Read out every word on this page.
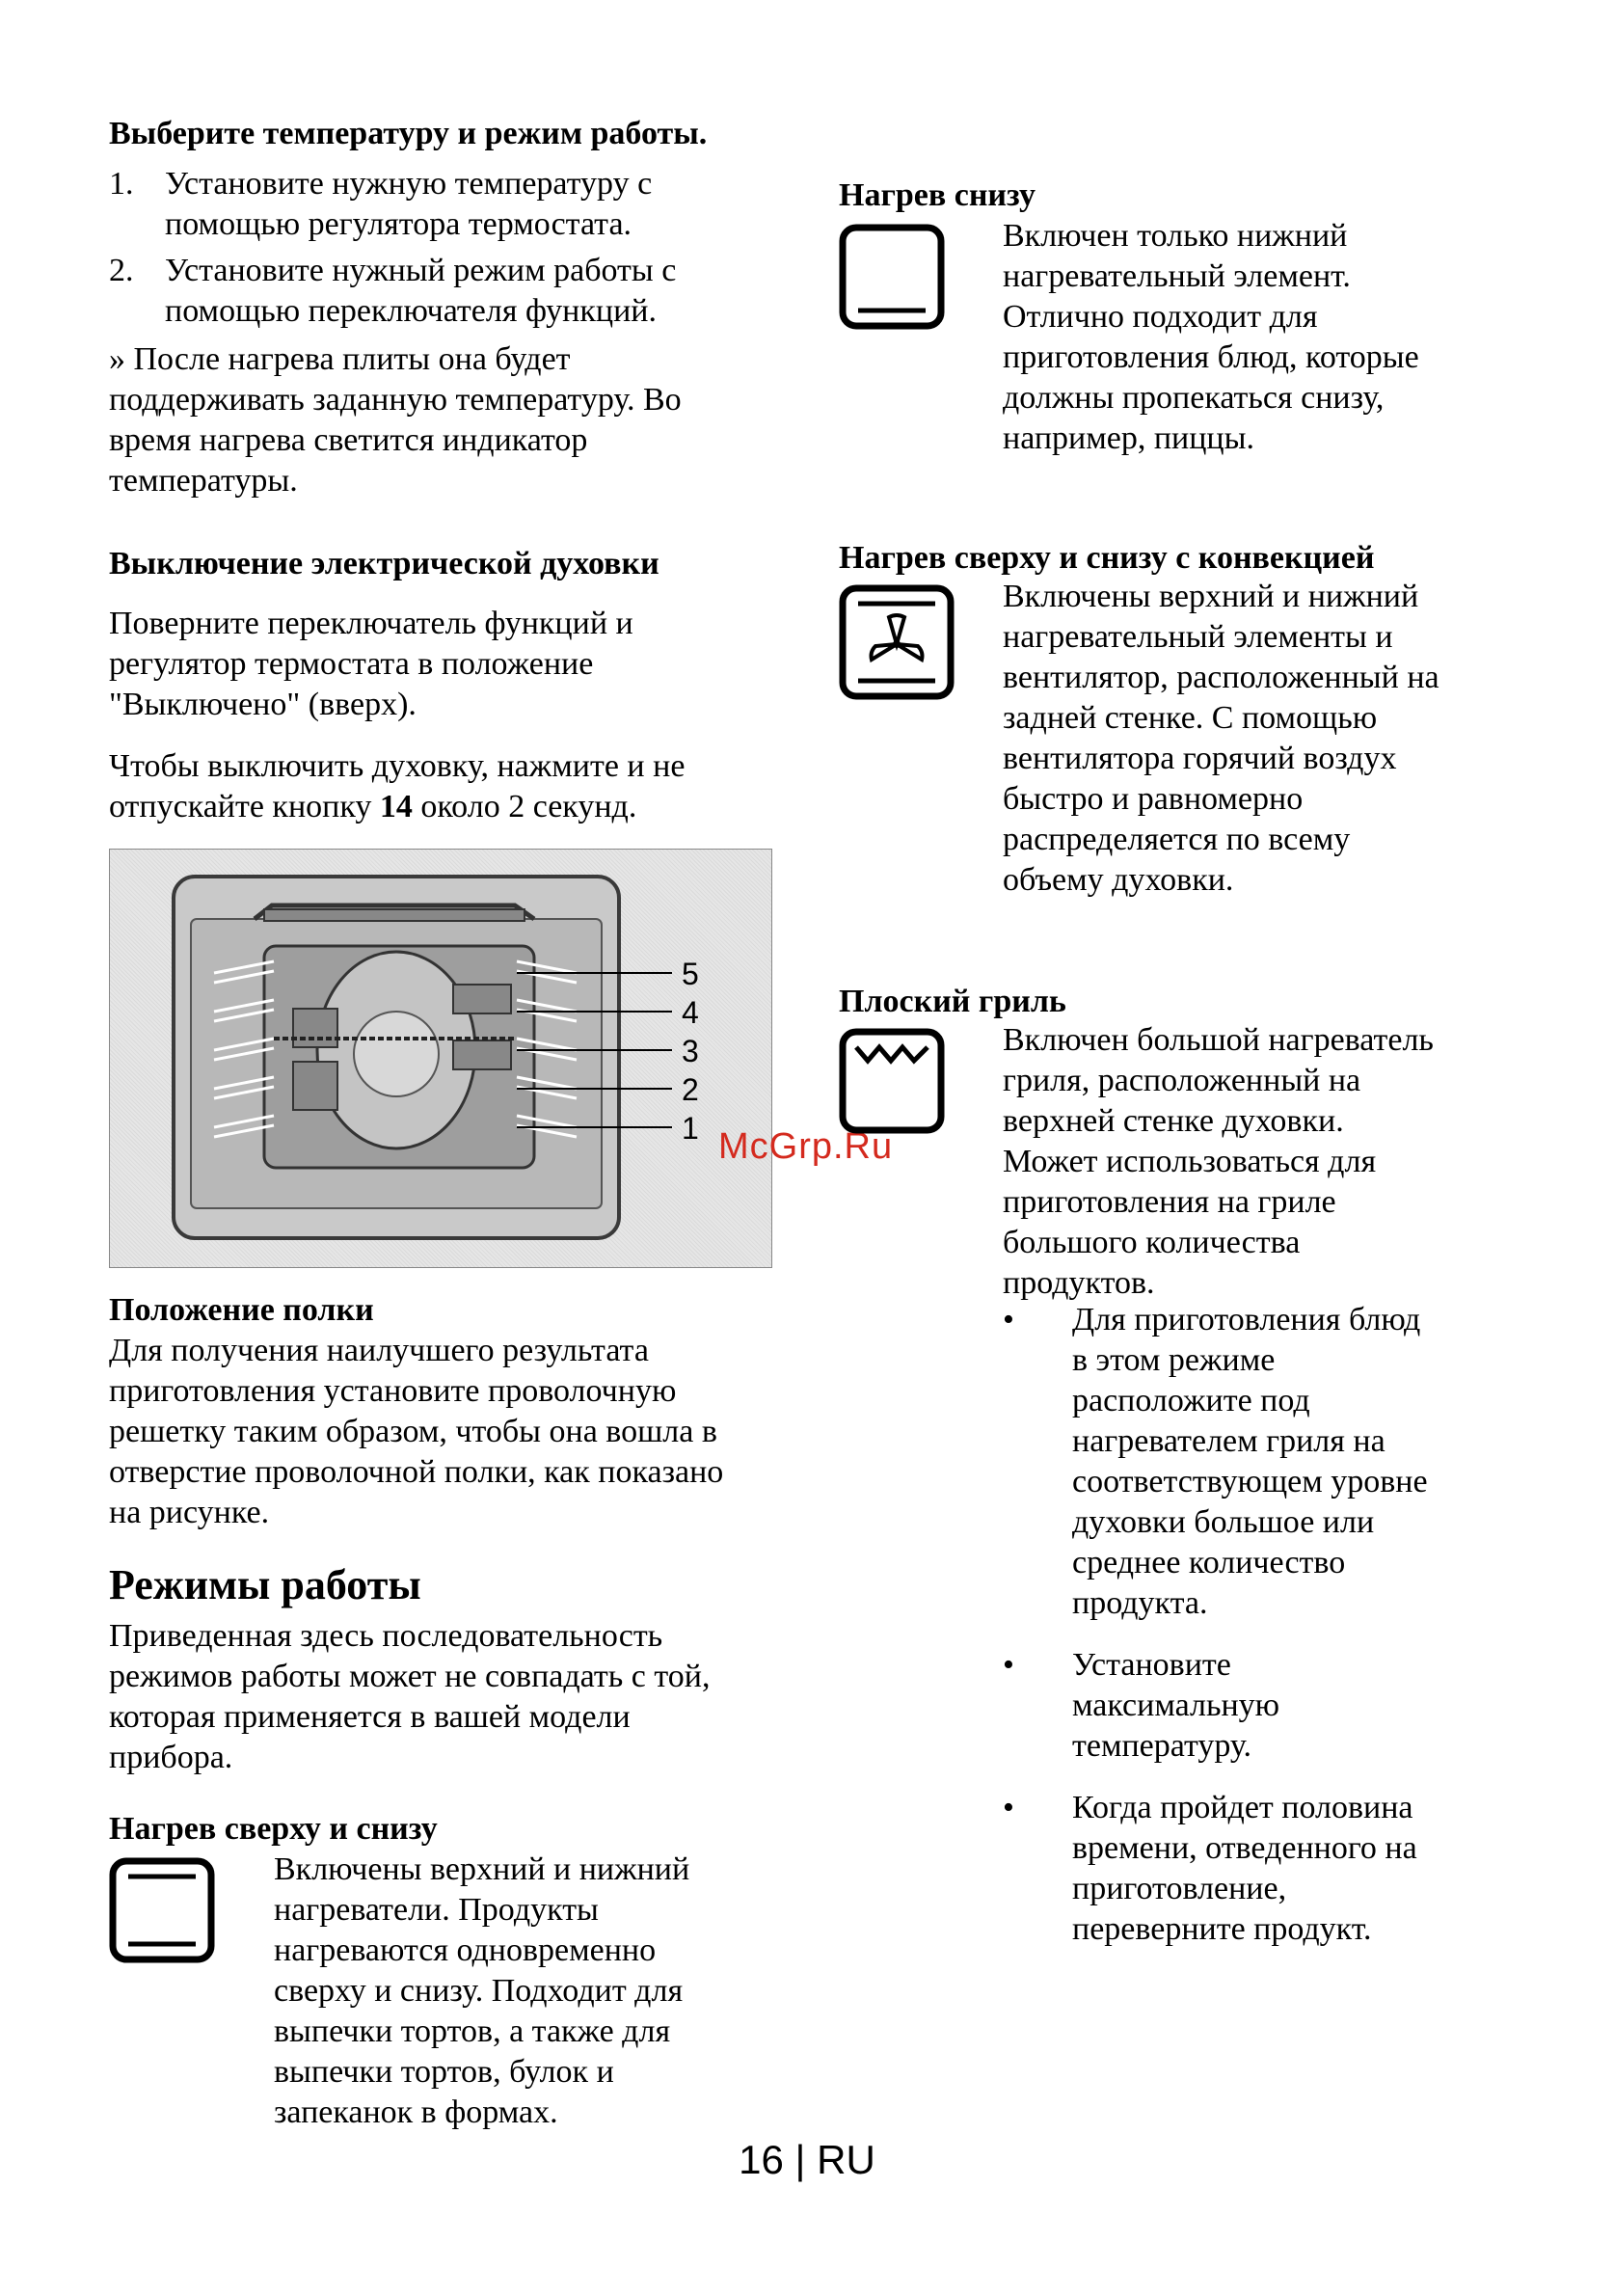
Выберите температуру и режим работы.

1. Установите нужную температуру с
помощью регулятора термостата.
2. Установите нужный режим работы с
помощью переключателя функций.
» После нагрева плиты она будет
поддерживать заданную температуру. Во
время нагрева светится индикатор
температуры.

Выключение электрической духовки

Поверните переключатель функций и
регулятор термостата в положение
"Выключено" (вверх).
Чтобы выключить духовку, нажмите и не
отпускайте кнопку 14 около 2 секунд.
5
4
3
2
1 McGrp.Ru

Положение полки

Для получения наилучшего результата
приготовления установите проволочную
решетку таким образом, чтобы она вошла в
отверстие проволочной полки, как показано
на рисунке.

Режимы работы

Приведенная здесь последовательность
режимов работы может не совпадать с той,
которая применяется в вашей модели
прибора.

Нагрев сверху и снизу

Включены верхний и нижний
нагреватели. Продукты
нагреваются одновременно
сверху и снизу. Подходит для
выпечки тортов, а также для
выпечки тортов, булок и
запеканок в формах.

Нагрев снизу

Включен только нижний
нагревательный элемент.
Отлично подходит для
приготовления блюд, которые
должны пропекаться снизу,
например, пиццы.

Нагрев сверху и снизу с конвекцией

Включены верхний и нижний
нагревательный элементы и
вентилятор, расположенный на
задней стенке. С помощью
вентилятора горячий воздух
быстро и равномерно
распределяется по всему
объему духовки.

Плоский гриль

Включен большой нагреватель
гриля, расположенный на
верхней стенке духовки.
Может использоваться для
приготовления на гриле
большого количества
продуктов.
•	Для приготовления блюд
в этом режиме
расположите под
нагревателем гриля на
соответствующем уровне
духовки большое или
среднее количество
продукта.
•	Установите
максимальную
температуру.
•	Когда пройдет половина
времени, отведенного на
приготовление,
переверните продукт.
16 | RU
